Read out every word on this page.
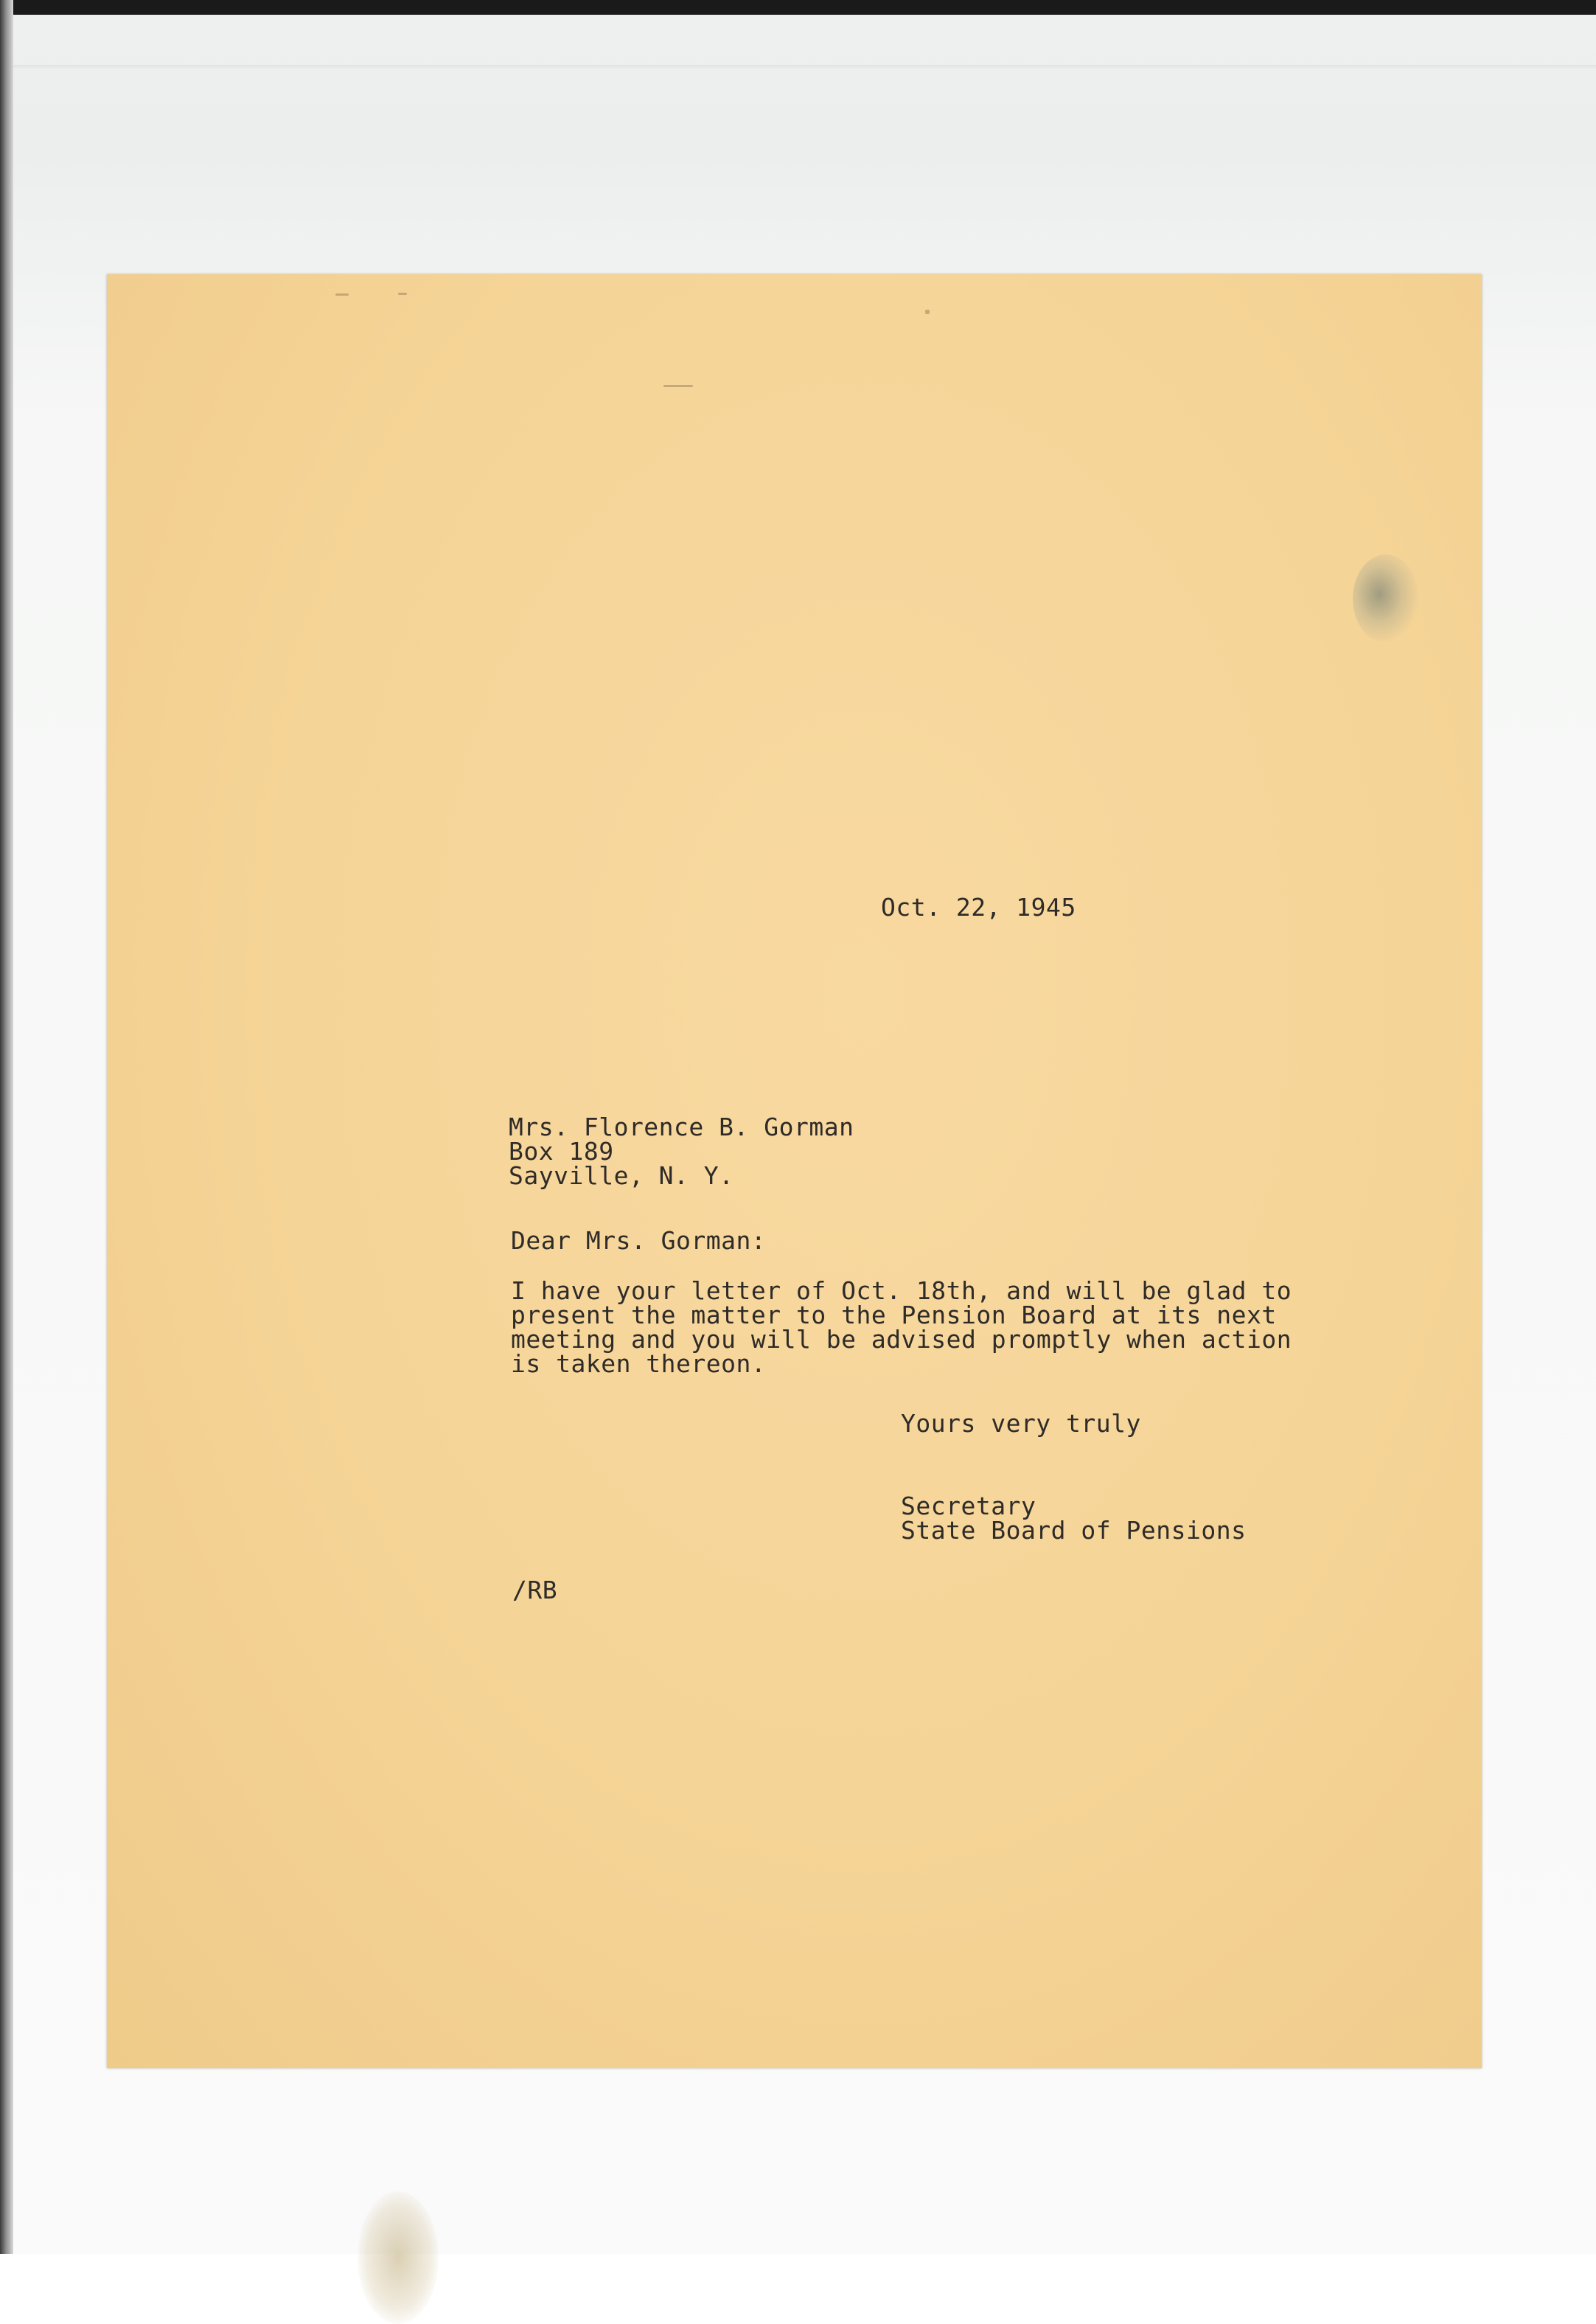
Oct. 22, 1945

Mrs. Florence B. Gorman
Box 189
Sayville, N. Y.

Dear Mrs. Gorman:

I have your letter of Oct. 18th, and will be glad to
present the matter to the Pension Board at its next
meeting and you will be advised promptly when action
is taken thereon.

Yours very truly

Secretary
State Board of Pensions

/RB
